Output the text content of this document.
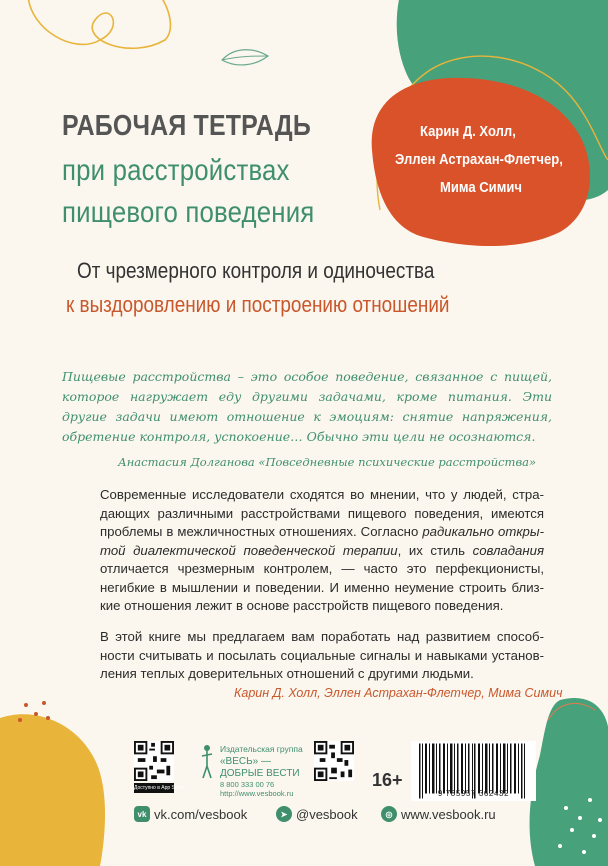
РАБОЧАЯ ТЕТРАДЬ
при расстройствах
пищевого поведения
Карин Д. Холл,
Эллен Астрахан-Флетчер,
Мима Симич
От чрезмерного контроля и одиночества
к выздоровлению и построению отношений
Пищевые расстройства – это особое поведение, связанное с пищей, которое нагружает еду другими задачами, кроме питания. Эти другие задачи имеют отношение к эмоциям: снятие напряжения, обретение контроля, успокоение… Обычно эти цели не осознаются.
Анастасия Долганова «Повседневные психические расстройства»
Современные исследователи сходятся во мнении, что у людей, стра-
дающих различными расстройствами пищевого поведения, имеются
проблемы в межличностных отношениях. Согласно радикально откры-
той диалектической поведенческой терапии, их стиль совладания
отличается чрезмерным контролем, — часто это перфекционисты,
негибкие в мышлении и поведении. И именно неумение строить близ-
кие отношения лежит в основе расстройств пищевого поведения.
В этой книге мы предлагаем вам поработать над развитием способ-
ности считывать и посылать социальные сигналы и навыками установ-
ления теплых доверительных отношений с другими людьми.
Карин Д. Холл, Эллен Астрахан-Флетчер, Мима Симич
Доступно в App Store
Издательская группа
«ВЕСЬ» —
ДОБРЫЕ ВЕСТИ
8 800 333 00 76
http://www.vesbook.ru
16+
9 785957 362432
vk vk.com/vesbook	➤ @vesbook	◎ www.vesbook.ru
